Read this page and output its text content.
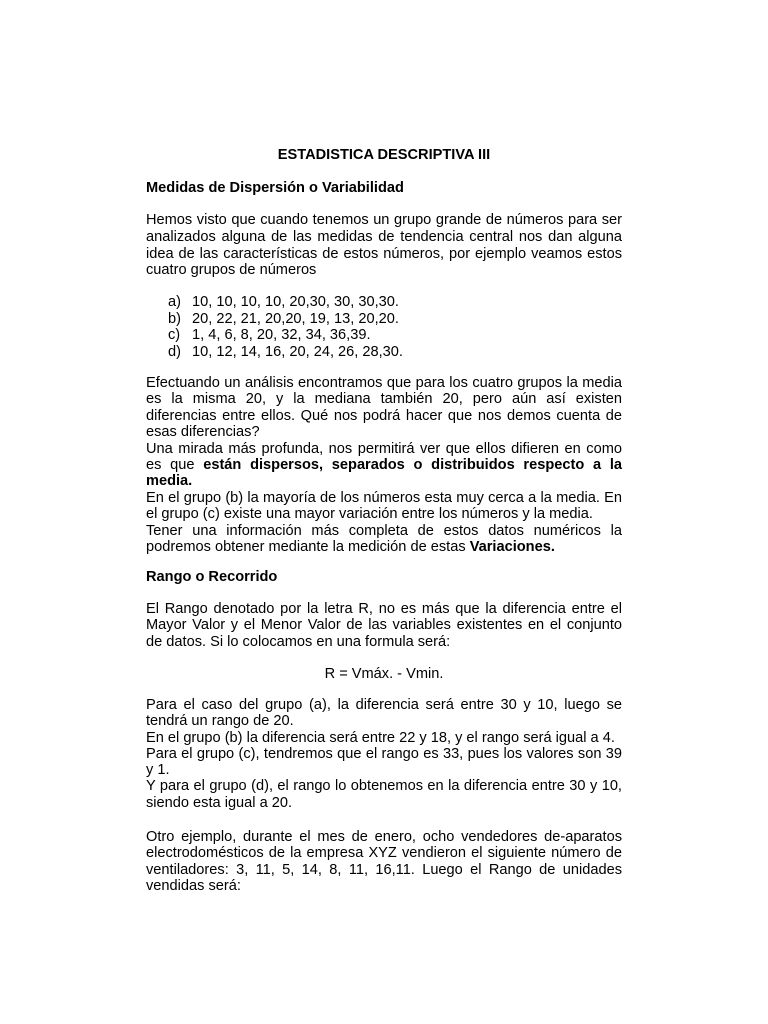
ESTADISTICA DESCRIPTIVA III
Medidas de Dispersión o Variabilidad
Hemos visto que cuando tenemos un grupo grande de números para ser analizados alguna de las medidas de tendencia central nos dan alguna idea de las características de estos números, por ejemplo veamos estos cuatro grupos de números
a) 10, 10, 10, 10, 20,30, 30, 30,30.
b) 20, 22, 21, 20,20, 19, 13, 20,20.
c) 1, 4, 6, 8, 20, 32, 34, 36,39.
d) 10, 12, 14, 16, 20, 24, 26, 28,30.
Efectuando un análisis encontramos que para los cuatro grupos la media es la misma 20, y la mediana también 20, pero aún así existen diferencias entre ellos. Qué nos podrá hacer que nos demos cuenta de esas diferencias?
Una mirada más profunda, nos permitirá ver que ellos difieren en como es que están dispersos, separados o distribuidos respecto a la media.
En el grupo (b) la mayoría de los números esta muy cerca a la media. En el grupo (c) existe una mayor variación entre los números y la media.
Tener una información más completa de estos datos numéricos la podremos obtener mediante la medición de estas Variaciones.
Rango o Recorrido
El Rango denotado por la letra R, no es más que la diferencia entre el Mayor Valor y el Menor Valor de las variables existentes en el conjunto de datos. Si lo colocamos en una formula será:
R = Vmáx. - Vmin.
Para el caso del grupo (a), la diferencia será entre 30 y 10, luego se tendrá un rango de 20.
En el grupo (b) la diferencia será entre 22 y 18, y el rango será igual a 4.
Para el grupo (c), tendremos que el rango es 33, pues los valores son 39 y 1.
Y para el grupo (d), el rango lo obtenemos en la diferencia entre 30 y 10, siendo esta igual a 20.
Otro ejemplo, durante el mes de enero, ocho vendedores de-aparatos electrodomésticos de la empresa XYZ vendieron el siguiente número de ventiladores: 3, 11, 5, 14, 8, 11, 16,11. Luego el Rango de unidades vendidas será:
